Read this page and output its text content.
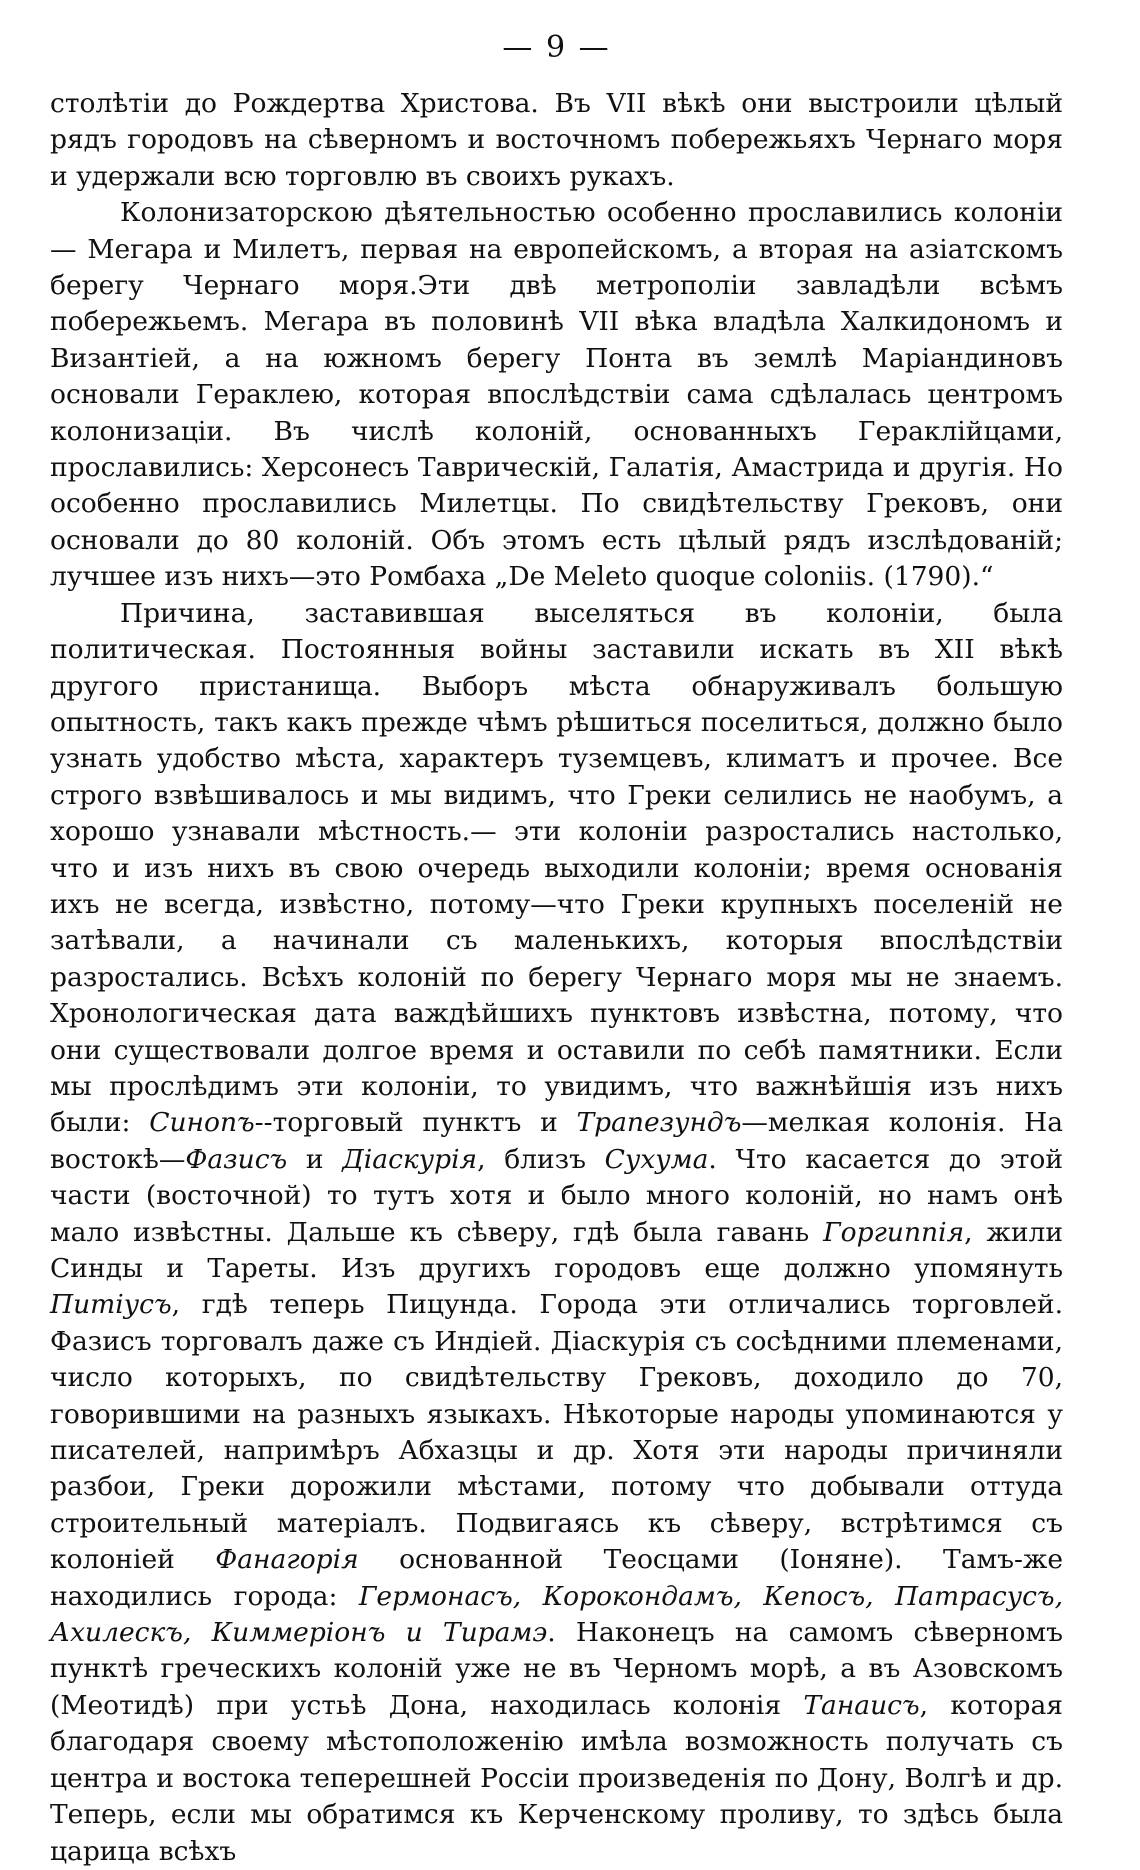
— 9 —

столѣтіи до Рождертва Христова. Въ VII вѣкѣ они выстроили цѣлый рядъ городовъ на сѣверномъ и восточномъ побережьяхъ Чернаго моря и удержали всю торговлю въ своихъ рукахъ.

Колонизаторскою дѣятельностью особенно прославились колоніи— Мегара и Милетъ, первая на европейскомъ, а вторая на азіатскомъ берегу Чернаго моря.Эти двѣ метрополіи завладѣли всѣмъ побережьемъ. Мегара въ половинѣ VII вѣка владѣла Халкидономъ и Византіей, а на южномъ берегу Понта въ землѣ Маріандиновъ основали Гераклею, которая впослѣдствіи сама сдѣлалась центромъ колонизаціи. Въ числѣ колоній, основанныхъ Гераклійцами, прославились: Херсонесъ Таврическій, Галатія, Амастрида и другія. Но особенно прославились Милетцы. По свидѣтельству Грековъ, они основали до 80 колоній. Объ этомъ есть цѣлый рядъ изслѣдованій; лучшее изъ нихъ—это Ромбаха „De Meleto quoque coloniis. (1790).“

Причина, заставившая выселяться въ колоніи, была политическая. Постоянныя войны заставили искать въ XII вѣкѣ другого пристанища. Выборъ мѣста обнаруживалъ большую опытность, такъ какъ прежде чѣмъ рѣшиться поселиться, должно было узнать удобство мѣста, характеръ туземцевъ, климатъ и прочее. Все строго взвѣшивалось и мы видимъ, что Греки селились не наобумъ, а хорошо узнавали мѣстность.— эти колоніи разростались настолько, что и изъ нихъ въ свою очередь выходили колоніи; время основанія ихъ не всегда, извѣстно, потому—что Греки крупныхъ поселеній не затѣвали, а начинали съ маленькихъ, которыя впослѣдствіи разростались. Всѣхъ колоній по берегу Чернаго моря мы не знаемъ. Хронологическая дата важдѣйшихъ пунктовъ извѣстна, потому, что они существовали долгое время и оставили по себѣ памятники. Если мы прослѣдимъ эти колоніи, то увидимъ, что важнѣйшія изъ нихъ были: Синопъ--торговый пунктъ и Трапезундъ—мелкая колонія. На востокѣ—Фазисъ и Діаскурія, близъ Сухума. Что касается до этой части (восточной) то тутъ хотя и было много колоній, но намъ онѣ мало извѣстны. Дальше къ сѣверу, гдѣ была гавань Горгиппія, жили Синды и Тареты. Изъ другихъ городовъ еще должно упомянуть Питіусъ, гдѣ теперь Пицунда. Города эти отличались торговлей. Фазисъ торговалъ даже съ Индіей. Діаскурія съ сосѣдними племенами, число которыхъ, по свидѣтельству Грековъ, доходило до 70, говорившими на разныхъ языкахъ. Нѣкоторые народы упоминаются у писателей, напримѣръ Абхазцы и др. Хотя эти народы причиняли разбои, Греки дорожили мѣстами, потому что добывали оттуда строительный матеріалъ. Подвигаясь къ сѣверу, встрѣтимся съ колоніей Фанагорія основанной Теосцами (Іоняне). Тамъ-же находились города: Гермонасъ, Корокондамъ, Кепосъ, Патрасусъ, Ахилескъ, Киммеріонъ и Тирамэ. Наконецъ на самомъ сѣверномъ пунктѣ греческихъ колоній уже не въ Черномъ морѣ, а въ Азовскомъ (Меотидѣ) при устьѣ Дона, находилась колонія Танаисъ, которая благодаря своему мѣстоположенію имѣла возможность получать съ центра и востока теперешней Россіи произведенія по Дону, Волгѣ и др. Теперь, если мы обратимся къ Керченскому проливу, то здѣсь была царица всѣхъ
